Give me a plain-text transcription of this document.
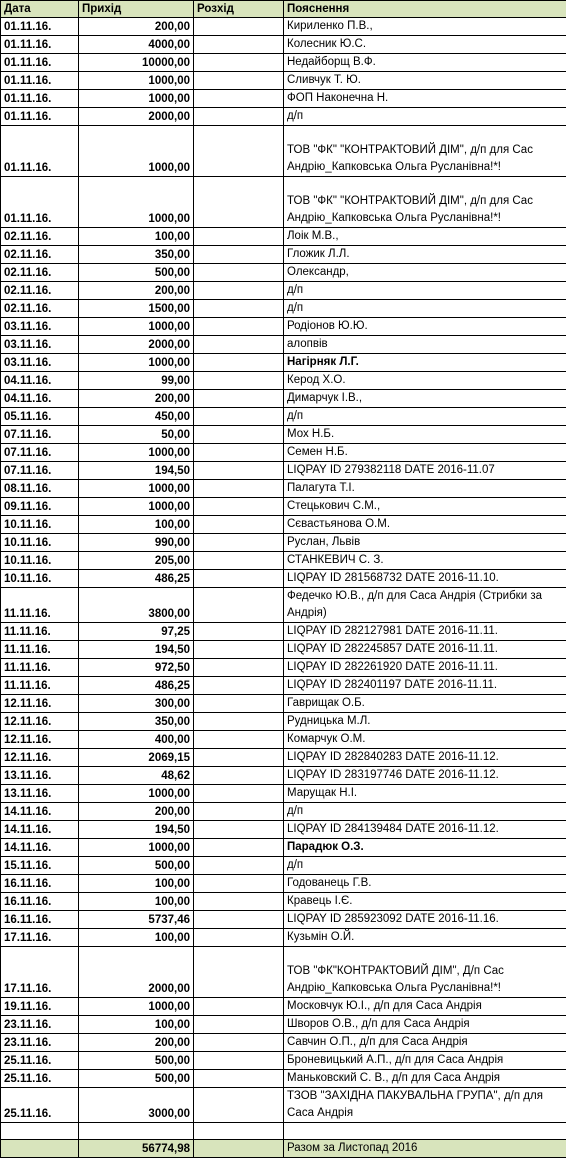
Дата	Прихід	Розхід	Пояснення
01.11.16.	200,00		Кириленко П.В.,
01.11.16.	4000,00		Колесник Ю.С.
01.11.16.	10000,00		Недайборщ В.Ф.
01.11.16.	1000,00		Сливчук Т. Ю.
01.11.16.	1000,00		ФОП Наконечна Н.
01.11.16.	2000,00		д/п
01.11.16.	1000,00		ТОВ "ФК" "КОНТРАКТОВИЙ ДІМ", д/п для Сас Андрію_Капковська Ольга Русланівна!*!
01.11.16.	1000,00		ТОВ "ФК" "КОНТРАКТОВИЙ ДІМ", д/п для Сас Андрію_Капковська Ольга Русланівна!*!
02.11.16.	100,00		Лоік М.В.,
02.11.16.	350,00		Гложик Л.Л.
02.11.16.	500,00		Олександр,
02.11.16.	200,00		д/п
02.11.16.	1500,00		д/п
03.11.16.	1000,00		Родіонов Ю.Ю.
03.11.16.	2000,00		алопвів
03.11.16.	1000,00		Нагірняк Л.Г.
04.11.16.	99,00		Керод Х.О.
04.11.16.	200,00		Димарчук І.В.,
05.11.16.	450,00		д/п
07.11.16.	50,00		Мох Н.Б.
07.11.16.	1000,00		Семен Н.Б.
07.11.16.	194,50		LIQPAY ID 279382118 DATE 2016-11.07
08.11.16.	1000,00		Палагута Т.І.
09.11.16.	1000,00		Стецькович С.М.,
10.11.16.	100,00		Сєвастьянова О.М.
10.11.16.	990,00		Руслан, Львів
10.11.16.	205,00		СТАНКЕВИЧ С. З.
10.11.16.	486,25		LIQPAY ID 281568732 DATE 2016-11.10.
11.11.16.	3800,00		Федечко Ю.В., д/п для Саса Андрія (Стрибки за Андрія)
11.11.16.	97,25		LIQPAY ID 282127981 DATE 2016-11.11.
11.11.16.	194,50		LIQPAY ID 282245857 DATE 2016-11.11.
11.11.16.	972,50		LIQPAY ID 282261920 DATE 2016-11.11.
11.11.16.	486,25		LIQPAY ID 282401197 DATE 2016-11.11.
12.11.16.	300,00		Гаврищак О.Б.
12.11.16.	350,00		Рудницька М.Л.
12.11.16.	400,00		Комарчук О.М.
12.11.16.	2069,15		LIQPAY ID 282840283 DATE 2016-11.12.
13.11.16.	48,62		LIQPAY ID 283197746 DATE 2016-11.12.
13.11.16.	1000,00		Марущак Н.І.
14.11.16.	200,00		д/п
14.11.16.	194,50		LIQPAY ID 284139484 DATE 2016-11.12.
14.11.16.	1000,00		Парадюк О.З.
15.11.16.	500,00		д/п
16.11.16.	100,00		Годованець Г.В.
16.11.16.	100,00		Кравець І.Є.
16.11.16.	5737,46		LIQPAY ID 285923092 DATE 2016-11.16.
17.11.16.	100,00		Кузьмін О.Й.
17.11.16.	2000,00		ТОВ "ФК"КОНТРАКТОВИЙ ДІМ", Д/п Сас Андрію_Капковська Ольга Русланівна!*!
19.11.16.	1000,00		Московчук Ю.І., д/п для Саса Андрія
23.11.16.	100,00		Шворов О.В., д/п для Саса Андрія
23.11.16.	200,00		Савчин О.П., д/п для Саса Андрія
25.11.16.	500,00		Броневицький А.П., д/п для Саса Андрія
25.11.16.	500,00		Маньковский С. В., д/п для Саса Андрія
25.11.16.	3000,00		ТЗОВ "ЗАХІДНА ПАКУВАЛЬНА ГРУПА", д/п для Саса Андрія

	56774,98		Разом за Листопад 2016
